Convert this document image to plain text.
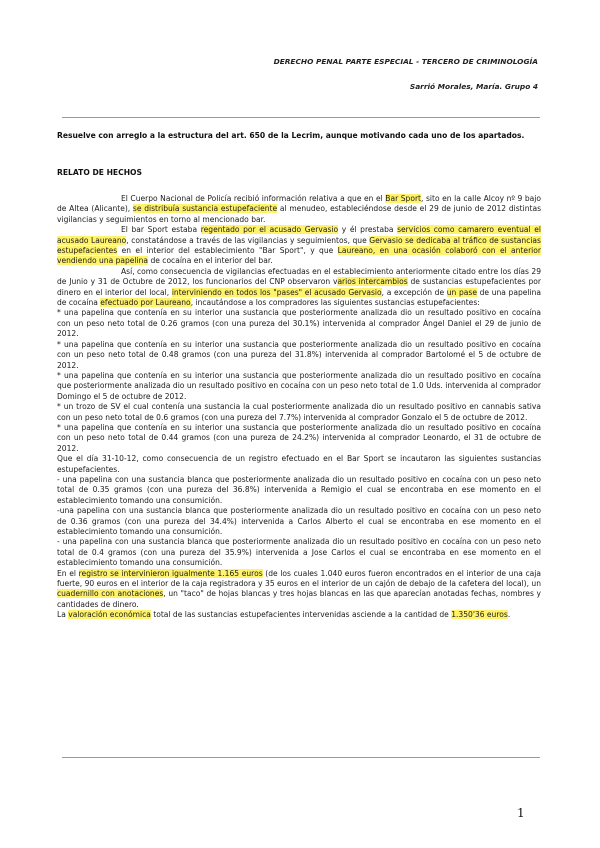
DERECHO PENAL PARTE ESPECIAL - TERCERO DE CRIMINOLOGÍA
Sarrió Morales, María. Grupo 4
Resuelve con arreglo a la estructura del art. 650 de la Lecrim, aunque motivando cada uno de los apartados.
RELATO DE HECHOS

El Cuerpo Nacional de Policía recibió información relativa a que en el Bar Sport, sito en la calle Alcoy nº 9 bajo de Altea (Alicante), se distribuía sustancia estupefaciente al menudeo, estableciéndose desde el 29 de junio de 2012 distintas vigilancias y seguimientos en torno al mencionado bar.

El bar Sport estaba regentado por el acusado Gervasio y él prestaba servicios como camarero eventual el acusado Laureano, constatándose a través de las vigilancias y seguimientos, que Gervasio se dedicaba al tráfico de sustancias estupefacientes en el interior del establecimiento "Bar Sport", y que Laureano, en una ocasión colaboró con el anterior vendiendo una papelina de cocaína en el interior del bar.

Así, como consecuencia de vigilancias efectuadas en el establecimiento anteriormente citado entre los días 29 de Junio y 31 de Octubre de 2012, los funcionarios del CNP observaron varios intercambios de sustancias estupefacientes por dinero en el interior del local, interviniendo en todos los "pases" el acusado Gervasio, a excepción de un pase de una papelina de cocaína efectuado por Laureano, incautándose a los compradores las siguientes sustancias estupefacientes:

* una papelina que contenía en su interior una sustancia que posteriormente analizada dio un resultado positivo en cocaína con un peso neto total de 0.26 gramos (con una pureza del 30.1%) intervenida al comprador Ángel Daniel el 29 de junio de 2012.

* una papelina que contenía en su interior una sustancia que posteriormente analizada dio un resultado positivo en cocaína con un peso neto total de 0.48 gramos (con una pureza del 31.8%) intervenida al comprador Bartolomé el 5 de octubre de 2012.

* una papelina que contenía en su interior una sustancia que posteriormente analizada dio un resultado positivo en cocaína que posteriormente analizada dio un resultado positivo en cocaína con un peso neto total de 1.0 Uds. intervenida al comprador Domingo el 5 de octubre de 2012.

* un trozo de SV el cual contenía una sustancia la cual posteriormente analizada dio un resultado positivo en cannabis sativa con un peso neto total de 0.6 gramos (con una pureza del 7.7%) intervenida al comprador Gonzalo el 5 de octubre de 2012.

* una papelina que contenía en su interior una sustancia que posteriormente analizada dio un resultado positivo en cocaína con un peso neto total de 0.44 gramos (con una pureza de 24.2%) intervenida al comprador Leonardo, el 31 de octubre de 2012.

Que el día 31-10-12, como consecuencia de un registro efectuado en el Bar Sport se incautaron las siguientes sustancias estupefacientes.

- una papelina con una sustancia blanca que posteriormente analizada dio un resultado positivo en cocaína con un peso neto total de 0.35 gramos (con una pureza del 36.8%) intervenida a Remigio el cual se encontraba en ese momento en el establecimiento tomando una consumición.

-una papelina con una sustancia blanca que posteriormente analizada dio un resultado positivo en cocaína con un peso neto de 0.36 gramos (con una pureza del 34.4%) intervenida a Carlos Alberto el cual se encontraba en ese momento en el establecimiento tomando una consumición.

- una papelina con una sustancia blanca que posteriormente analizada dio un resultado positivo en cocaína con un peso neto total de 0.4 gramos (con una pureza del 35.9%) intervenida a Jose Carlos el cual se encontraba en ese momento en el establecimiento tomando una consumición.

En el registro se intervinieron igualmente 1.165 euros (de los cuales 1.040 euros fueron encontrados en el interior de una caja fuerte, 90 euros en el interior de la caja registradora y 35 euros en el interior de un cajón de debajo de la cafetera del local), un cuadernillo con anotaciones, un "taco" de hojas blancas y tres hojas blancas en las que aparecían anotadas fechas, nombres y cantidades de dinero.

La valoración económica total de las sustancias estupefacientes intervenidas asciende a la cantidad de 1.350'36 euros.

1
